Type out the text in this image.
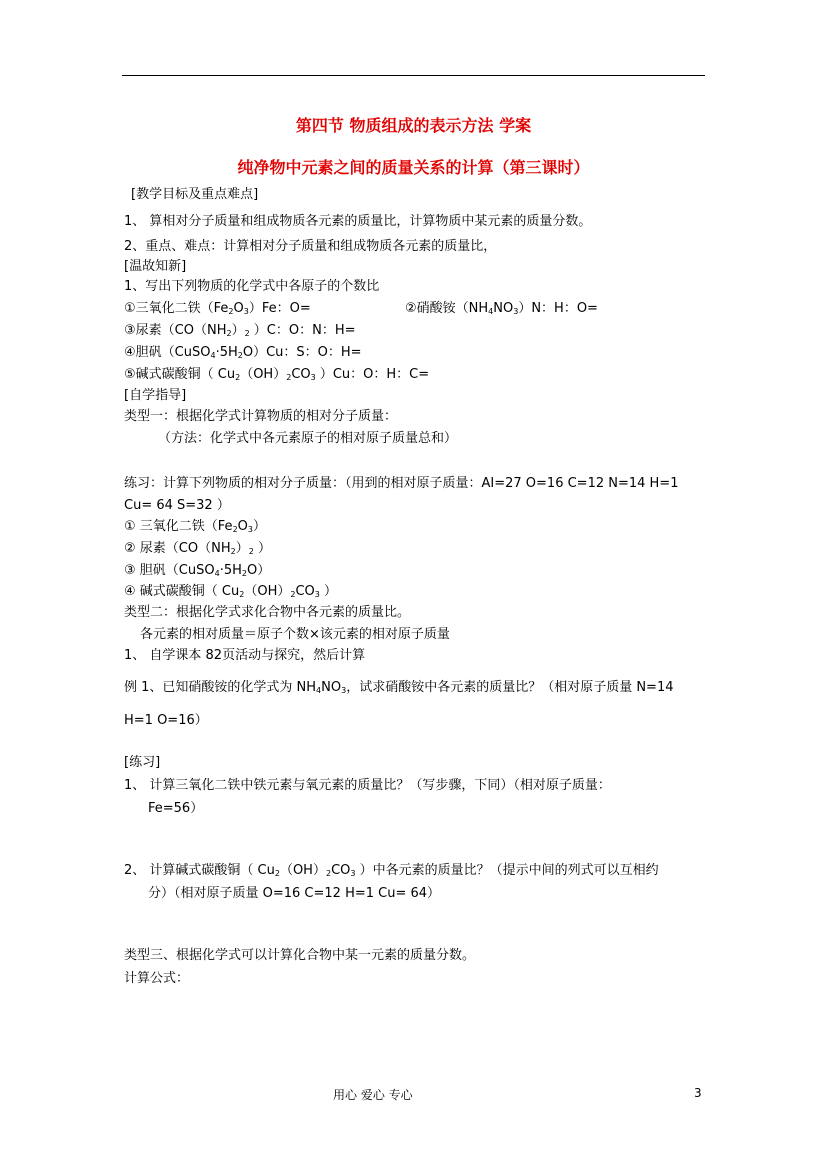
第四节 物质组成的表示方法 学案
纯净物中元素之间的质量关系的计算（第三课时）
[教学目标及重点难点]
1、 算相对分子质量和组成物质各元素的质量比，计算物质中某元素的质量分数。
2、重点、难点：计算相对分子质量和组成物质各元素的质量比，
[温故知新]
1、写出下列物质的化学式中各原子的个数比
①三氧化二铁$(Fe_2O_3)Fe$：O=	②硝酸铵$(NH_4NO_3)N$：H：O=
③尿素（$CO(NH_2)_2$ ）C：O：N：H=
④胆矾$(CuSO_4\cdot 5H_2O)Cu$：S：O：H=
⑤碱式碳酸铜（ $Cu_2(OH)_2CO_3$ ）Cu：O：H：C=
[自学指导]
类型一：根据化学式计算物质的相对分子质量：
（方法：化学式中各元素原子的相对原子质量总和）
练习：计算下列物质的相对分子质量：（用到的相对原子质量：AI=27 O=16 C=12 N=14 H=1
Cu= 64 S=32 ）
① 三氧化二铁$(Fe_2O_3)$
② 尿素（$CO(NH_2)_2$ ）
③ 胆矾$(CuSO_4\cdot 5H_2O)$
④ 碱式碳酸铜（ $Cu_2(OH)_2CO_3$ ）
类型二：根据化学式求化合物中各元素的质量比。
各元素的相对质量＝原子个数×该元素的相对原子质量
1、 自学课本 82页活动与探究，然后计算
例 1、已知硝酸铵的化学式为 $NH_4NO_3$，试求硝酸铵中各元素的质量比？（相对原子质量 N=14
H=1 O=16）
[练习]
1、 计算三氧化二铁中铁元素与氧元素的质量比？（写步骤，下同）（相对原子质量：
Fe=56）
2、 计算碱式碳酸铜（ $Cu_2(OH)_2CO_3$ ）中各元素的质量比？（提示中间的列式可以互相约
分）（相对原子质量 O=16 C=12 H=1 Cu= 64）
类型三、根据化学式可以计算化合物中某一元素的质量分数。
计算公式：
用心 爱心 专心	3
